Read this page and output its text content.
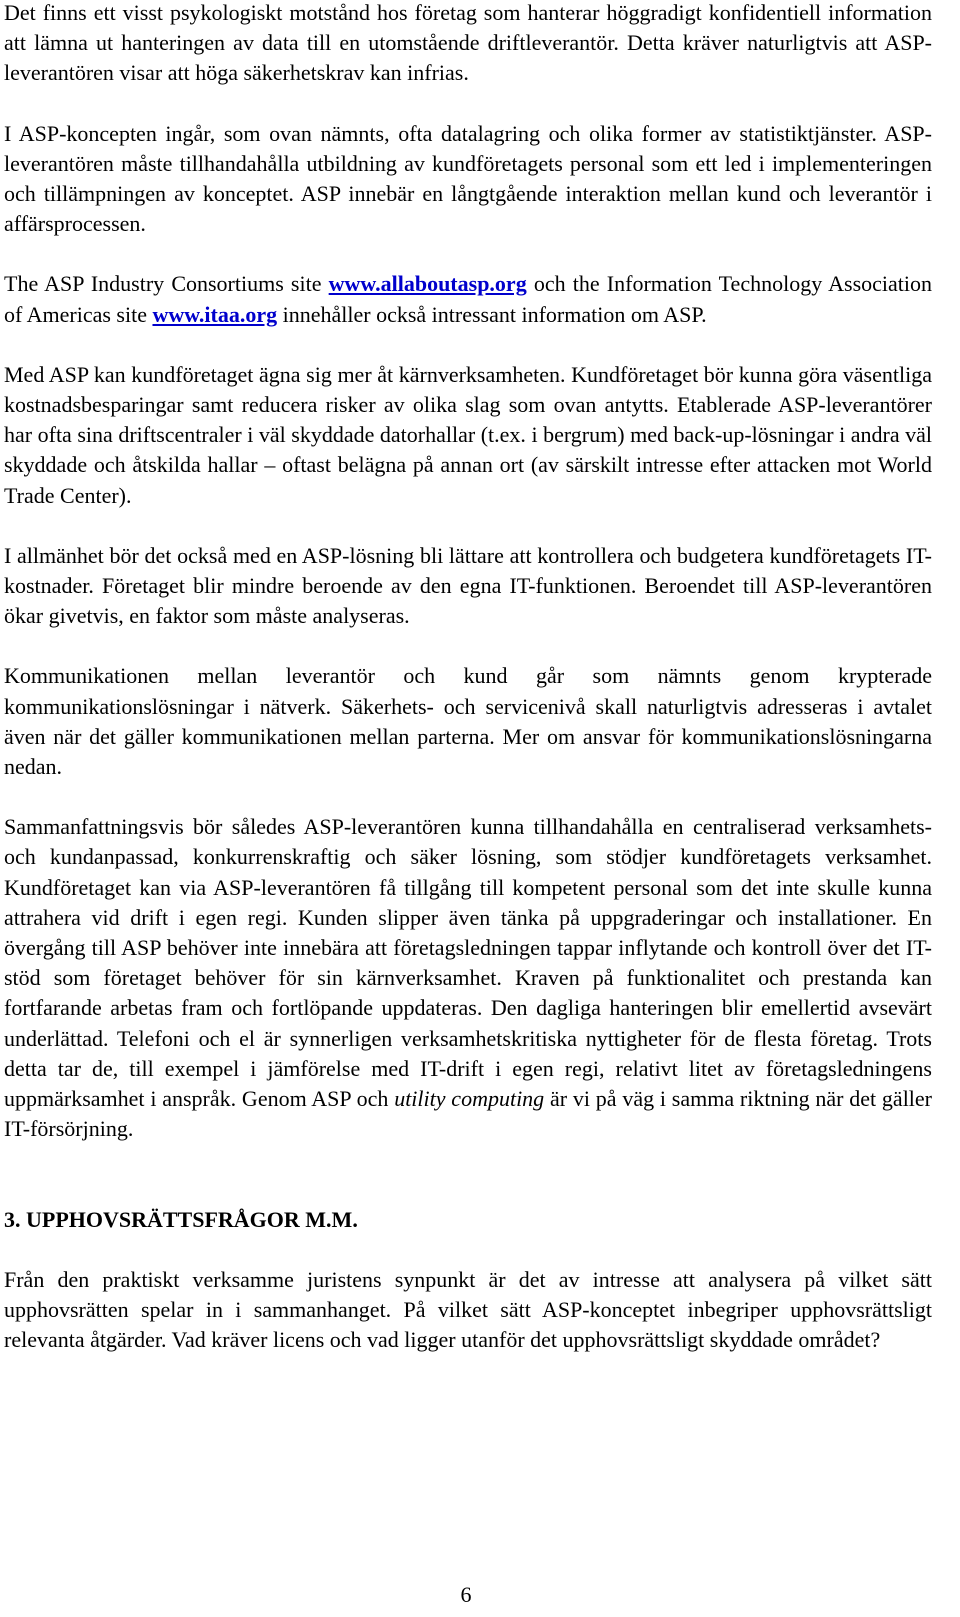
Det finns ett visst psykologiskt motstånd hos företag som hanterar höggradigt konfidentiell information att lämna ut hanteringen av data till en utomstående driftleverantör. Detta kräver naturligtvis att ASP-leverantören visar att höga säkerhetskrav kan infrias.

I ASP-koncepten ingår, som ovan nämnts, ofta datalagring och olika former av statistiktjänster. ASP-leverantören måste tillhandahålla utbildning av kundföretagets personal som ett led i implementeringen och tillämpningen av konceptet. ASP innebär en långtgående interaktion mellan kund och leverantör i affärsprocessen.

The ASP Industry Consortiums site www.allaboutasp.org och the Information Technology Association of Americas site www.itaa.org innehåller också intressant information om ASP.

Med ASP kan kundföretaget ägna sig mer åt kärnverksamheten. Kundföretaget bör kunna göra väsentliga kostnadsbesparingar samt reducera risker av olika slag som ovan antytts. Etablerade ASP-leverantörer har ofta sina driftscentraler i väl skyddade datorhallar (t.ex. i bergrum) med back-up-lösningar i andra väl skyddade och åtskilda hallar – oftast belägna på annan ort (av särskilt intresse efter attacken mot World Trade Center).

I allmänhet bör det också med en ASP-lösning bli lättare att kontrollera och budgetera kundföretagets IT-kostnader. Företaget blir mindre beroende av den egna IT-funktionen. Beroendet till ASP-leverantören ökar givetvis, en faktor som måste analyseras.

Kommunikationen mellan leverantör och kund går som nämnts genom krypterade kommunikationslösningar i nätverk. Säkerhets- och servicenivå skall naturligtvis adresseras i avtalet även när det gäller kommunikationen mellan parterna. Mer om ansvar för kommunikationslösningarna nedan.

Sammanfattningsvis bör således ASP-leverantören kunna tillhandahålla en centraliserad verksamhets- och kundanpassad, konkurrenskraftig och säker lösning, som stödjer kundföretagets verksamhet. Kundföretaget kan via ASP-leverantören få tillgång till kompetent personal som det inte skulle kunna attrahera vid drift i egen regi. Kunden slipper även tänka på uppgraderingar och installationer. En övergång till ASP behöver inte innebära att företagsledningen tappar inflytande och kontroll över det IT-stöd som företaget behöver för sin kärnverksamhet. Kraven på funktionalitet och prestanda kan fortfarande arbetas fram och fortlöpande uppdateras. Den dagliga hanteringen blir emellertid avsevärt underlättad. Telefoni och el är synnerligen verksamhetskritiska nyttigheter för de flesta företag. Trots detta tar de, till exempel i jämförelse med IT-drift i egen regi, relativt litet av företagsledningens uppmärksamhet i anspråk. Genom ASP och utility computing är vi på väg i samma riktning när det gäller IT-försörjning.

3. UPPHOVSRÄTTSFRÅGOR M.M.

Från den praktiskt verksamme juristens synpunkt är det av intresse att analysera på vilket sätt upphovsrätten spelar in i sammanhanget. På vilket sätt ASP-konceptet inbegriper upphovsrättsligt relevanta åtgärder. Vad kräver licens och vad ligger utanför det upphovsrättsligt skyddade området?

6
